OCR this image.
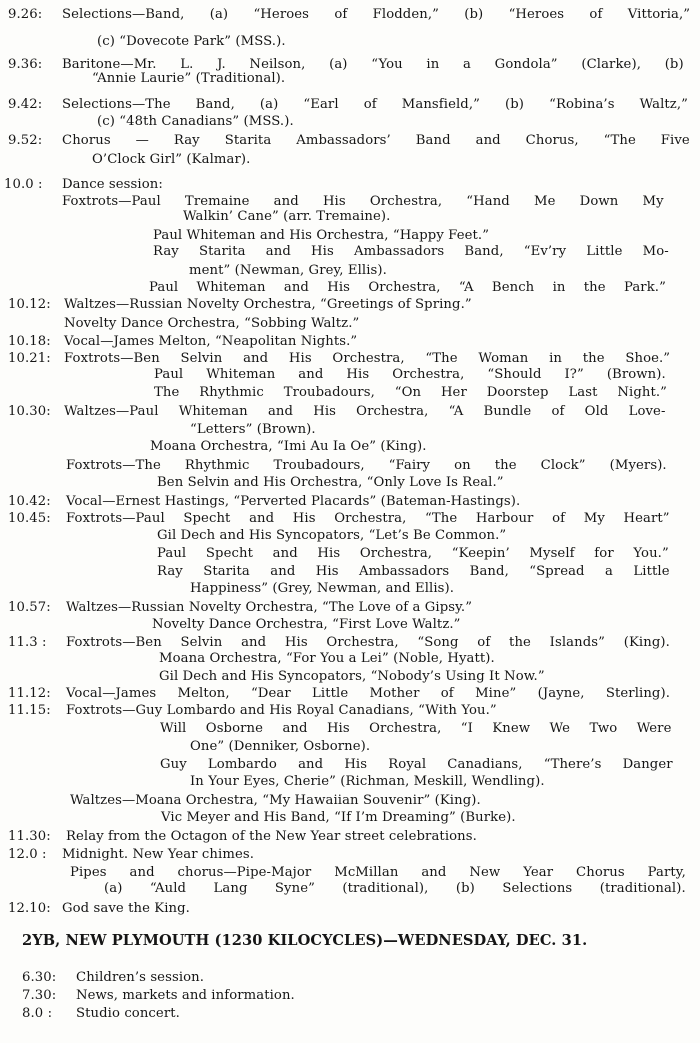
9.26: Selections—Band, (a) “Heroes of Flodden,” (b) “Heroes of Vittoria,”
(c) “Dovecote Park” (MSS.).
9.36: Baritone—Mr. L. J. Neilson, (a) “You in a Gondola” (Clarke), (b)
“Annie Laurie” (Traditional).
9.42: Selections—The Band, (a) “Earl of Mansfield,” (b) “Robina’s Waltz,”
(c) “48th Canadians” (MSS.).
9.52: Chorus — Ray Starita Ambassadors’ Band and Chorus, “The Five
O’Clock Girl” (Kalmar).
10.0 : Dance session:
Foxtrots—Paul Tremaine and His Orchestra, “Hand Me Down My
Walkin’ Cane” (arr. Tremaine).
Paul Whiteman and His Orchestra, “Happy Feet.”
Ray Starita and His Ambassadors Band, “Ev’ry Little Mo-
ment” (Newman, Grey, Ellis).
Paul Whiteman and His Orchestra, “A Bench in the Park.”
10.12: Waltzes—Russian Novelty Orchestra, “Greetings of Spring.”
Novelty Dance Orchestra, “Sobbing Waltz.”
10.18: Vocal—James Melton, “Neapolitan Nights.”
10.21: Foxtrots—Ben Selvin and His Orchestra, “The Woman in the Shoe.”
Paul Whiteman and His Orchestra, “Should I?” (Brown).
The Rhythmic Troubadours, “On Her Doorstep Last Night.”
10.30: Waltzes—Paul Whiteman and His Orchestra, “A Bundle of Old Love-
“Letters” (Brown).
Moana Orchestra, “Imi Au Ia Oe” (King).
Foxtrots—The Rhythmic Troubadours, “Fairy on the Clock” (Myers).
Ben Selvin and His Orchestra, “Only Love Is Real.”
10.42: Vocal—Ernest Hastings, “Perverted Placards” (Bateman-Hastings).
10.45: Foxtrots—Paul Specht and His Orchestra, “The Harbour of My Heart”
Gil Dech and His Syncopators, “Let’s Be Common.”
Paul Specht and His Orchestra, “Keepin’ Myself for You.”
Ray Starita and His Ambassadors Band, “Spread a Little
Happiness” (Grey, Newman, and Ellis).
10.57: Waltzes—Russian Novelty Orchestra, “The Love of a Gipsy.”
Novelty Dance Orchestra, “First Love Waltz.”
11.3 : Foxtrots—Ben Selvin and His Orchestra, “Song of the Islands” (King).
Moana Orchestra, “For You a Lei” (Noble, Hyatt).
Gil Dech and His Syncopators, “Nobody’s Using It Now.”
11.12: Vocal—James Melton, “Dear Little Mother of Mine” (Jayne, Sterling).
11.15: Foxtrots—Guy Lombardo and His Royal Canadians, “With You.”
Will Osborne and His Orchestra, “I Knew We Two Were
One” (Denniker, Osborne).
Guy Lombardo and His Royal Canadians, “There’s Danger
In Your Eyes, Cherie” (Richman, Meskill, Wendling).
Waltzes—Moana Orchestra, “My Hawaiian Souvenir” (King).
Vic Meyer and His Band, “If I’m Dreaming” (Burke).
11.30: Relay from the Octagon of the New Year street celebrations.
12.0 : Midnight. New Year chimes.
Pipes and chorus—Pipe-Major McMillan and New Year Chorus Party,
(a) “Auld Lang Syne” (traditional), (b) Selections (traditional).
12.10: God save the King.
2YB, NEW PLYMOUTH (1230 KILOCYCLES)—WEDNESDAY, DEC. 31.
6.30: Children’s session.
7.30: News, markets and information.
8.0 : Studio concert.
